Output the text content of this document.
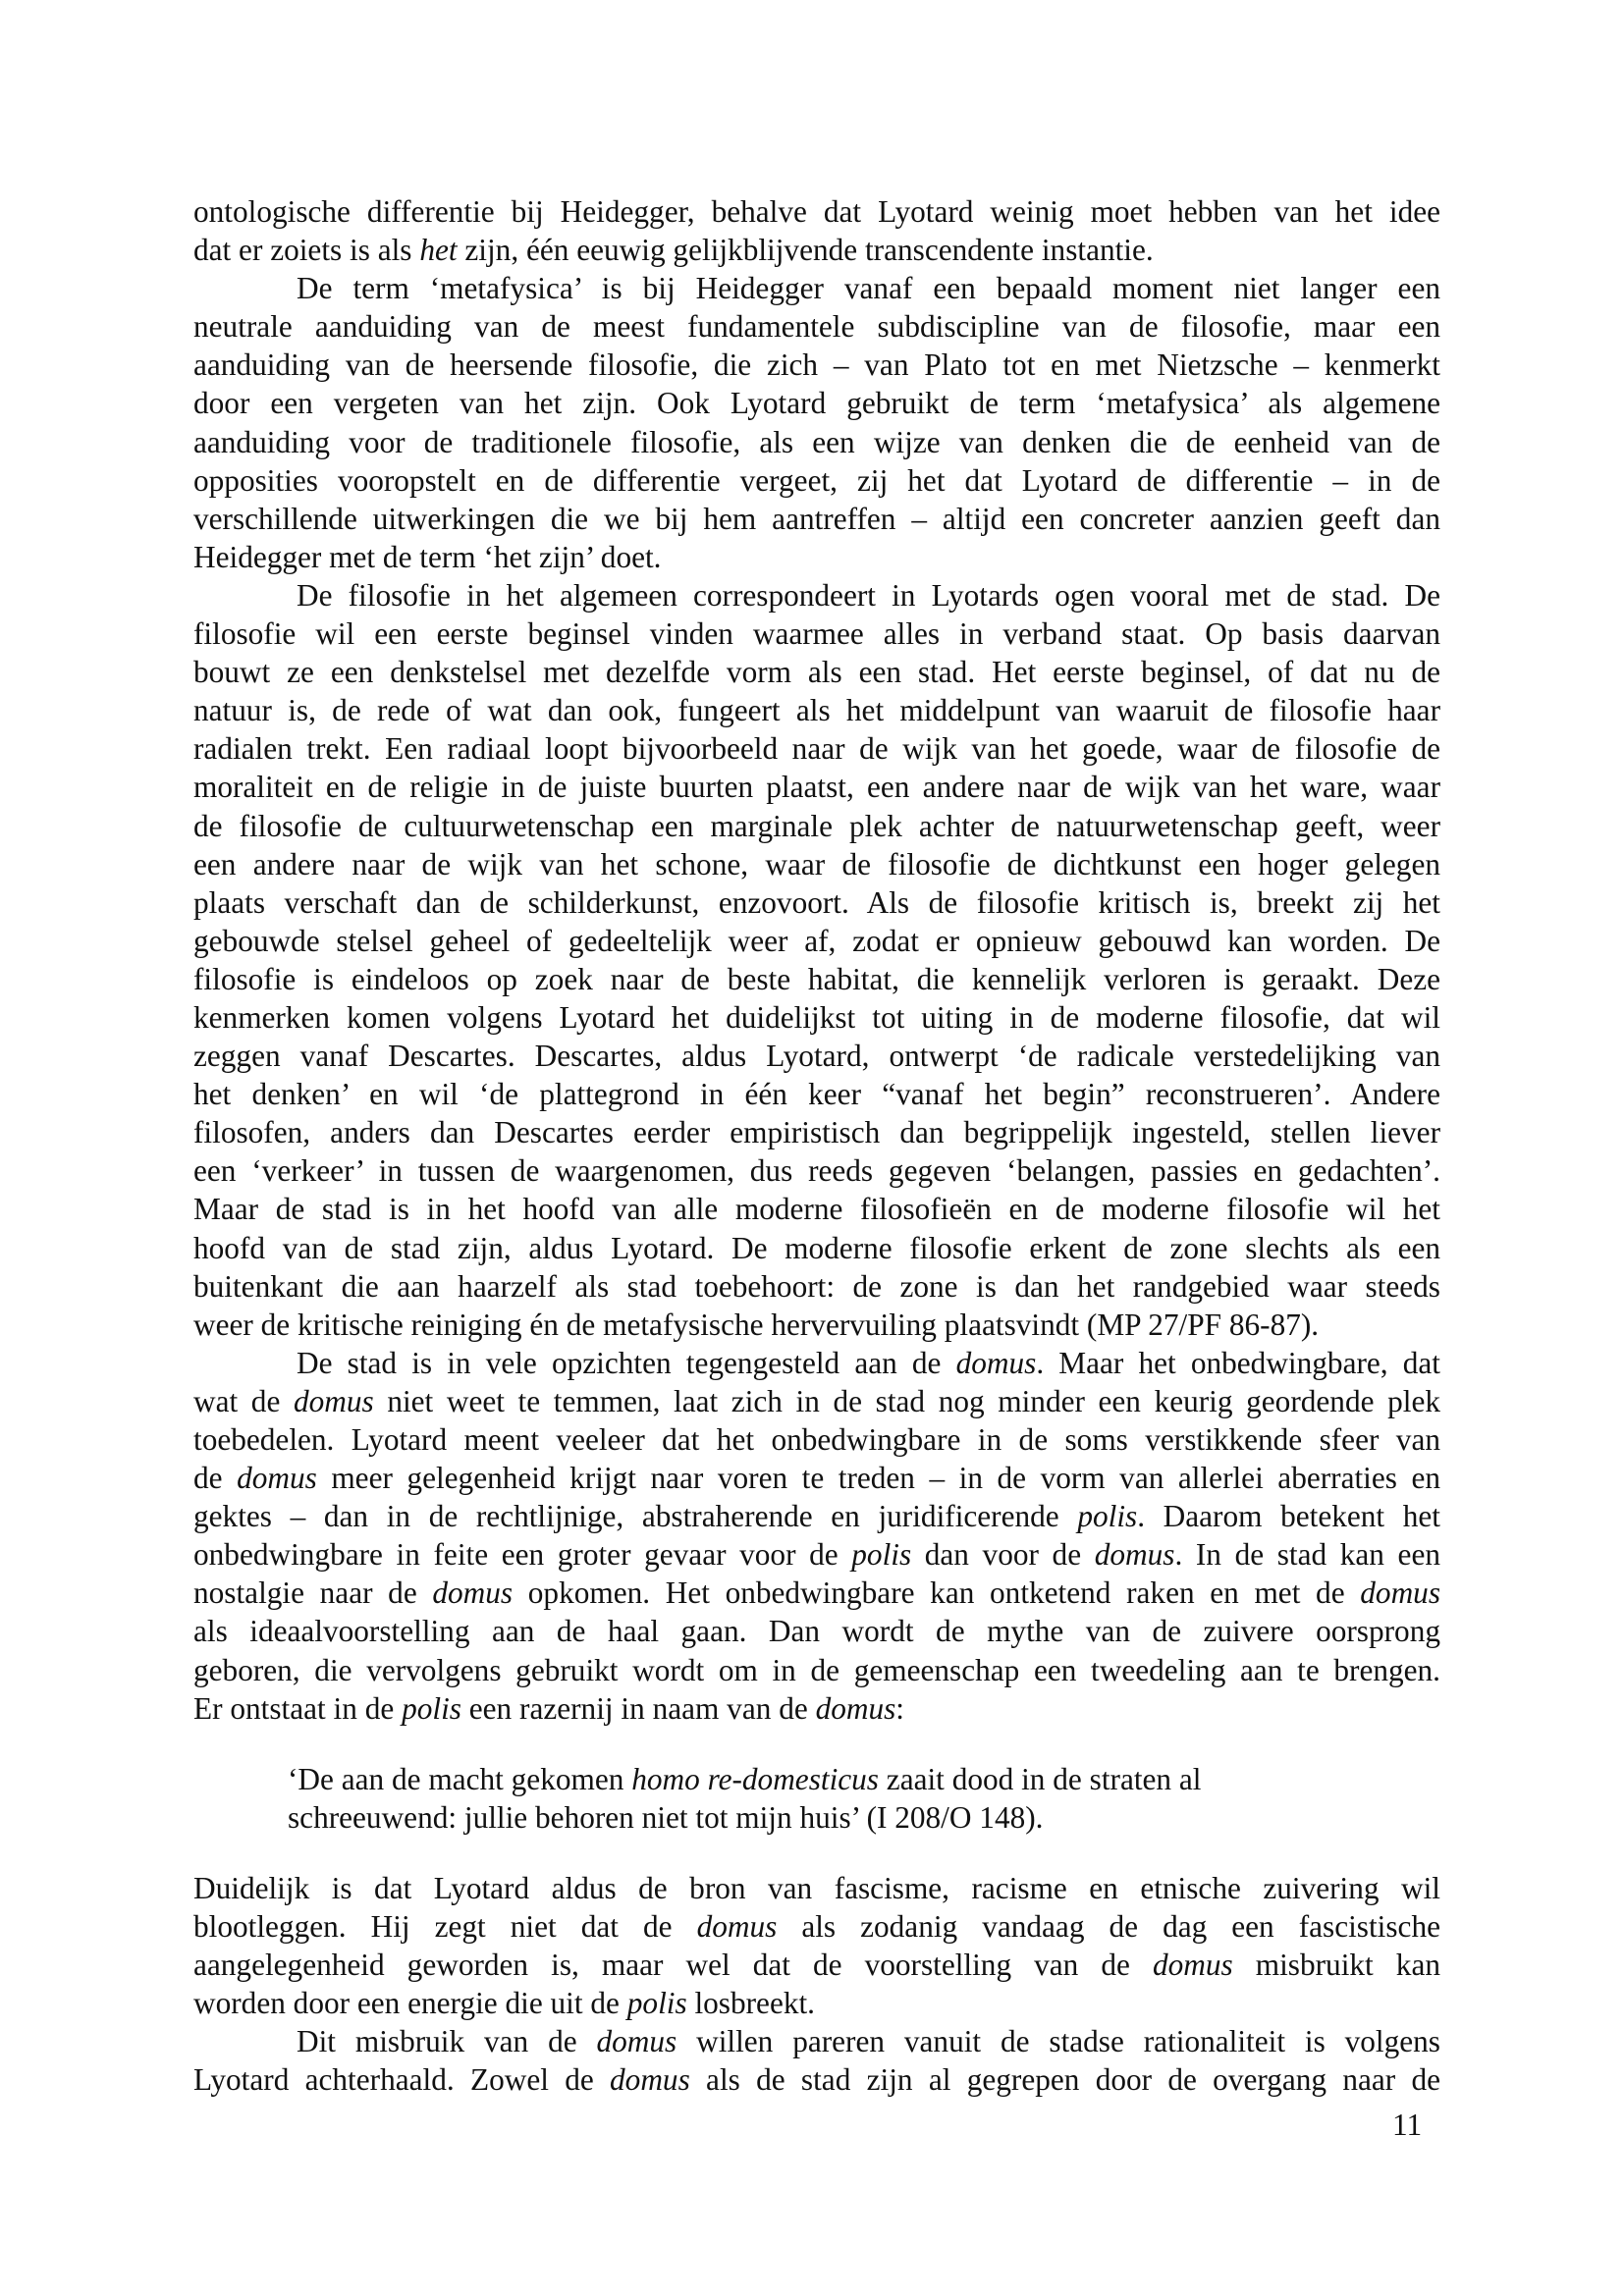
ontologische differentie bij Heidegger, behalve dat Lyotard weinig moet hebben van het idee
dat er zoiets is als het zijn, één eeuwig gelijkblijvende transcendente instantie.
De term ‘metafysica’ is bij Heidegger vanaf een bepaald moment niet langer een
neutrale aanduiding van de meest fundamentele subdiscipline van de filosofie, maar een
aanduiding van de heersende filosofie, die zich – van Plato tot en met Nietzsche – kenmerkt
door een vergeten van het zijn. Ook Lyotard gebruikt de term ‘metafysica’ als algemene
aanduiding voor de traditionele filosofie, als een wijze van denken die de eenheid van de
opposities vooropstelt en de differentie vergeet, zij het dat Lyotard de differentie – in de
verschillende uitwerkingen die we bij hem aantreffen – altijd een concreter aanzien geeft dan
Heidegger met de term ‘het zijn’ doet.
De filosofie in het algemeen correspondeert in Lyotards ogen vooral met de stad. De
filosofie wil een eerste beginsel vinden waarmee alles in verband staat. Op basis daarvan
bouwt ze een denkstelsel met dezelfde vorm als een stad. Het eerste beginsel, of dat nu de
natuur is, de rede of wat dan ook, fungeert als het middelpunt van waaruit de filosofie haar
radialen trekt. Een radiaal loopt bijvoorbeeld naar de wijk van het goede, waar de filosofie de
moraliteit en de religie in de juiste buurten plaatst, een andere naar de wijk van het ware, waar
de filosofie de cultuurwetenschap een marginale plek achter de natuurwetenschap geeft, weer
een andere naar de wijk van het schone, waar de filosofie de dichtkunst een hoger gelegen
plaats verschaft dan de schilderkunst, enzovoort. Als de filosofie kritisch is, breekt zij het
gebouwde stelsel geheel of gedeeltelijk weer af, zodat er opnieuw gebouwd kan worden. De
filosofie is eindeloos op zoek naar de beste habitat, die kennelijk verloren is geraakt. Deze
kenmerken komen volgens Lyotard het duidelijkst tot uiting in de moderne filosofie, dat wil
zeggen vanaf Descartes. Descartes, aldus Lyotard, ontwerpt ‘de radicale verstedelijking van
het denken’ en wil ‘de plattegrond in één keer “vanaf het begin” reconstrueren’. Andere
filosofen, anders dan Descartes eerder empiristisch dan begrippelijk ingesteld, stellen liever
een ‘verkeer’ in tussen de waargenomen, dus reeds gegeven ‘belangen, passies en gedachten’.
Maar de stad is in het hoofd van alle moderne filosofieën en de moderne filosofie wil het
hoofd van de stad zijn, aldus Lyotard. De moderne filosofie erkent de zone slechts als een
buitenkant die aan haarzelf als stad toebehoort: de zone is dan het randgebied waar steeds
weer de kritische reiniging én de metafysische hervervuiling plaatsvindt (MP 27/PF 86-87).
De stad is in vele opzichten tegengesteld aan de domus. Maar het onbedwingbare, dat
wat de domus niet weet te temmen, laat zich in de stad nog minder een keurig geordende plek
toebedelen. Lyotard meent veeleer dat het onbedwingbare in de soms verstikkende sfeer van
de domus meer gelegenheid krijgt naar voren te treden – in de vorm van allerlei aberraties en
gektes – dan in de rechtlijnige, abstraherende en juridificerende polis. Daarom betekent het
onbedwingbare in feite een groter gevaar voor de polis dan voor de domus. In de stad kan een
nostalgie naar de domus opkomen. Het onbedwingbare kan ontketend raken en met de domus
als ideaalvoorstelling aan de haal gaan. Dan wordt de mythe van de zuivere oorsprong
geboren, die vervolgens gebruikt wordt om in de gemeenschap een tweedeling aan te brengen.
Er ontstaat in de polis een razernij in naam van de domus:
‘De aan de macht gekomen homo re-domesticus zaait dood in de straten al
schreeuwend: jullie behoren niet tot mijn huis’ (I 208/O 148).
Duidelijk is dat Lyotard aldus de bron van fascisme, racisme en etnische zuivering wil
blootleggen. Hij zegt niet dat de domus als zodanig vandaag de dag een fascistische
aangelegenheid geworden is, maar wel dat de voorstelling van de domus misbruikt kan
worden door een energie die uit de polis losbreekt.
Dit misbruik van de domus willen pareren vanuit de stadse rationaliteit is volgens
Lyotard achterhaald. Zowel de domus als de stad zijn al gegrepen door de overgang naar de
11
